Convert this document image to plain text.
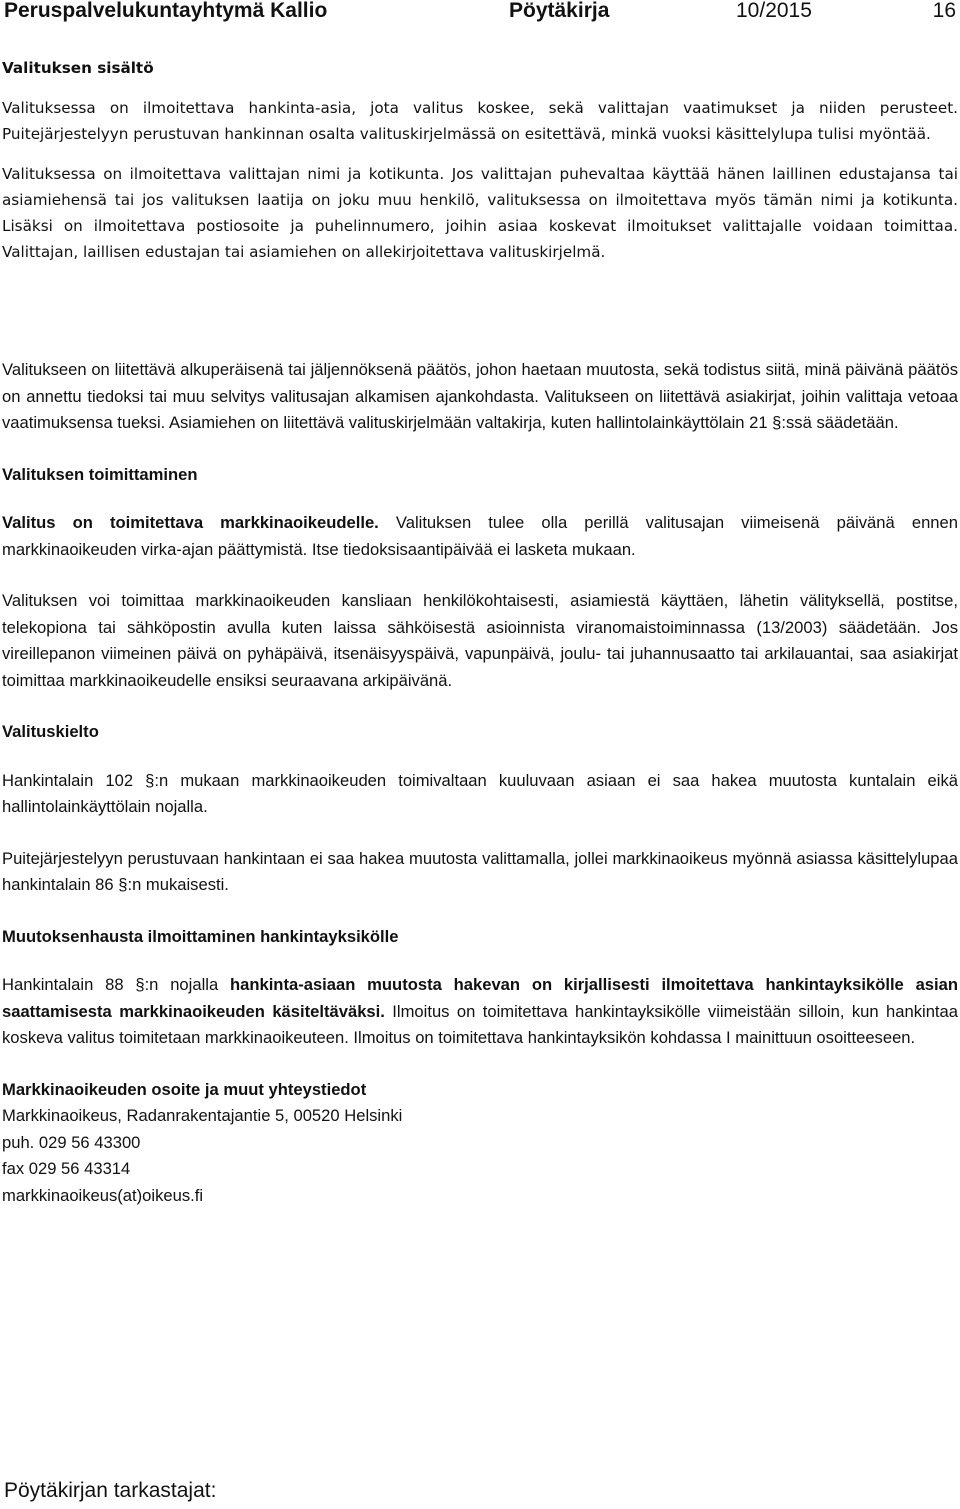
Peruspalvelukuntayhtymä Kallio	Pöytäkirja	10/2015	16
Valituksen sisältö

Valituksessa on ilmoitettava hankinta-asia, jota valitus koskee, sekä valittajan vaatimukset ja niiden perusteet. Puitejärjestelyyn perustuvan hankinnan osalta valituskirjelmässä on esitettävä, minkä vuoksi käsittelylupa tulisi myöntää.

Valituksessa on ilmoitettava valittajan nimi ja kotikunta. Jos valittajan puhevaltaa käyttää hänen laillinen edustajansa tai asiamiehensä tai jos valituksen laatija on joku muu henkilö, valituksessa on ilmoitettava myös tämän nimi ja kotikunta. Lisäksi on ilmoitettava postiosoite ja puhelinnumero, joihin asiaa koskevat ilmoitukset valittajalle voidaan toimittaa. Valittajan, laillisen edustajan tai asiamiehen on allekirjoitettava valituskirjelmä.

Valitukseen on liitettävä alkuperäisenä tai jäljennöksenä päätös, johon haetaan muutosta, sekä todistus siitä, minä päivänä päätös on annettu tiedoksi tai muu selvitys valitusajan alkamisen ajankohdasta. Valitukseen on liitettävä asiakirjat, joihin valittaja vetoaa vaatimuksensa tueksi. Asiamiehen on liitettävä valituskirjelmään valtakirja, kuten hallintolainkäyttölain 21 §:ssä säädetään.

Valituksen toimittaminen

Valitus on toimitettava markkinaoikeudelle. Valituksen tulee olla perillä valitusajan viimeisenä päivänä ennen markkinaoikeuden virka-ajan päättymistä. Itse tiedoksisaantipäivää ei lasketa mukaan.

Valituksen voi toimittaa markkinaoikeuden kansliaan henkilökohtaisesti, asiamiestä käyttäen, lähetin välityksellä, postitse, telekopiona tai sähköpostin avulla kuten laissa sähköisestä asioinnista viranomaistoiminnassa (13/2003) säädetään. Jos vireillepanon viimeinen päivä on pyhäpäivä, itsenäisyyspäivä, vapunpäivä, joulu- tai juhannusaatto tai arkilauantai, saa asiakirjat toimittaa markkinaoikeudelle ensiksi seuraavana arkipäivänä.

Valituskielto

Hankintalain 102 §:n mukaan markkinaoikeuden toimivaltaan kuuluvaan asiaan ei saa hakea muutosta kuntalain eikä hallintolainkäyttölain nojalla.

Puitejärjestelyyn perustuvaan hankintaan ei saa hakea muutosta valittamalla, jollei markkinaoikeus myönnä asiassa käsittelylupaa hankintalain 86 §:n mukaisesti.

Muutoksenhausta ilmoittaminen hankintayksikölle

Hankintalain 88 §:n nojalla hankinta-asiaan muutosta hakevan on kirjallisesti ilmoitettava hankintayksikölle asian saattamisesta markkinaoikeuden käsiteltäväksi. Ilmoitus on toimitettava hankintayksikölle viimeistään silloin, kun hankintaa koskeva valitus toimitetaan markkinaoikeuteen. Ilmoitus on toimitettava hankintayksikön kohdassa I mainittuun osoitteeseen.

Markkinaoikeuden osoite ja muut yhteystiedot

Markkinaoikeus, Radanrakentajantie 5, 00520 Helsinki

puh. 029 56 43300

fax 029 56 43314

markkinaoikeus(at)oikeus.fi

Pöytäkirjan tarkastajat:
